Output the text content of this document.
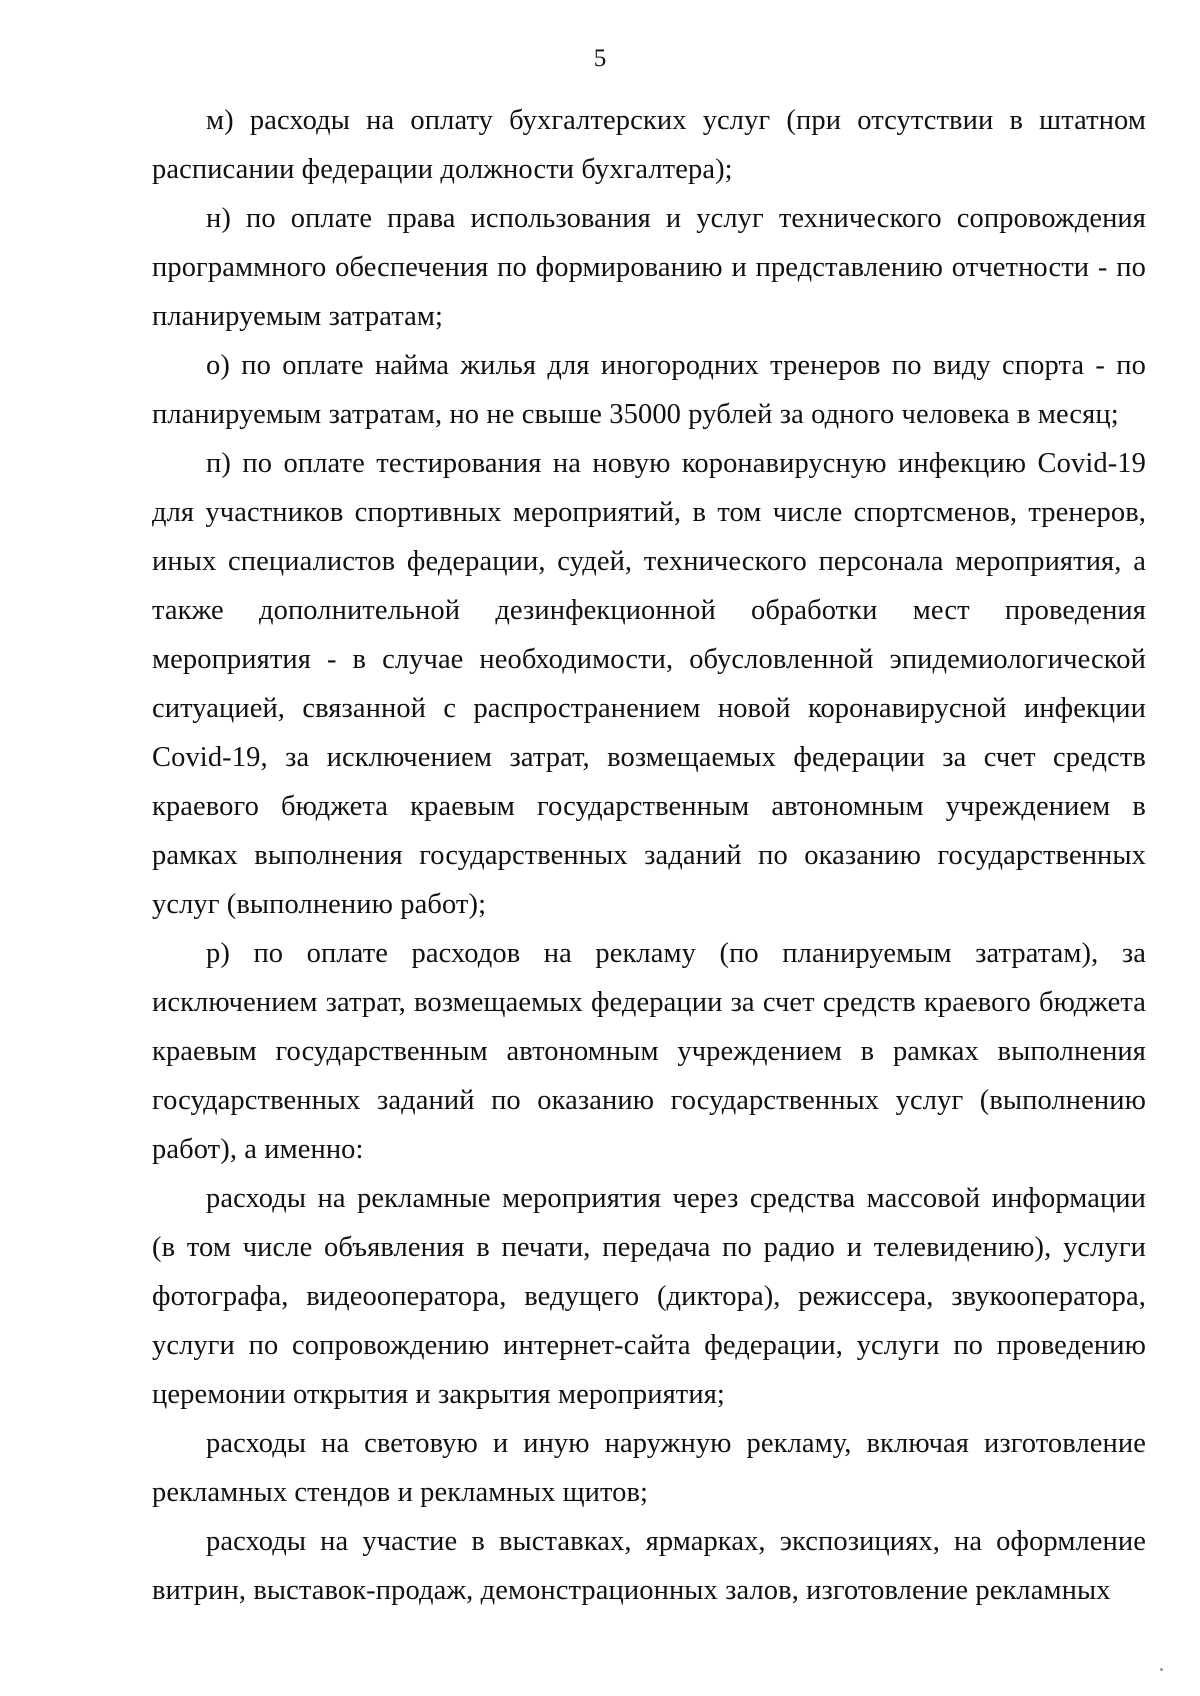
5

м) расходы на оплату бухгалтерских услуг (при отсутствии в штатном расписании федерации должности бухгалтера);

н) по оплате права использования и услуг технического сопровождения программного обеспечения по формированию и представлению отчетности - по планируемым затратам;

о) по оплате найма жилья для иногородних тренеров по виду спорта - по планируемым затратам, но не свыше 35000 рублей за одного человека в месяц;

п) по оплате тестирования на новую коронавирусную инфекцию Covid-19 для участников спортивных мероприятий, в том числе спортсменов, тренеров, иных специалистов федерации, судей, технического персонала мероприятия, а также дополнительной дезинфекционной обработки мест проведения мероприятия - в случае необходимости, обусловленной эпидемиологической ситуацией, связанной с распространением новой коронавирусной инфекции Covid-19, за исключением затрат, возмещаемых федерации за счет средств краевого бюджета краевым государственным автономным учреждением в рамках выполнения государственных заданий по оказанию государственных услуг (выполнению работ);

р) по оплате расходов на рекламу (по планируемым затратам), за исключением затрат, возмещаемых федерации за счет средств краевого бюджета краевым государственным автономным учреждением в рамках выполнения государственных заданий по оказанию государственных услуг (выполнению работ), а именно:

расходы на рекламные мероприятия через средства массовой информации (в том числе объявления в печати, передача по радио и телевидению), услуги фотографа, видеооператора, ведущего (диктора), режиссера, звукооператора, услуги по сопровождению интернет-сайта федерации, услуги по проведению церемонии открытия и закрытия мероприятия;

расходы на световую и иную наружную рекламу, включая изготовление рекламных стендов и рекламных щитов;

расходы на участие в выставках, ярмарках, экспозициях, на оформление витрин, выставок-продаж, демонстрационных залов, изготовление рекламных
